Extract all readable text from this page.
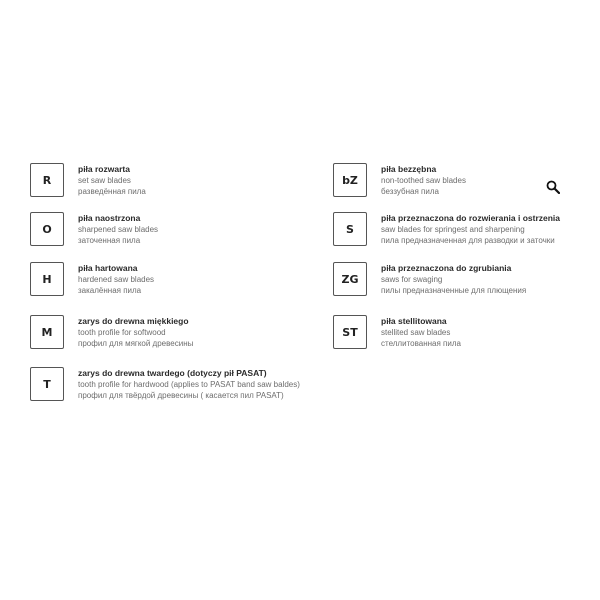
R
piła rozwarta
set saw blades
разведённая пила
O
piła naostrzona
sharpened saw blades
заточенная пила
H
piła hartowana
hardened saw blades
закалённая пила
M
zarys do drewna miękkiego
tooth profile for softwood
профил для мягкой древесины
T
zarys do drewna twardego (dotyczy pił PASAT)
tooth profile for hardwood (applies to PASAT band saw baldes)
профил для твёрдой древесины ( касается пил PASAT)
bZ
piła bezzębna
non-toothed saw blades
беззубная пила
S
piła przeznaczona do rozwierania i ostrzenia
saw blades for springest and sharpening
пила предназначенная для разводки и заточки
ZG
piła przeznaczona do zgrubiania
saws for swaging
пилы предназначенные для плющения
ST
piła stellitowana
stellited saw blades
стеллитованная пила
